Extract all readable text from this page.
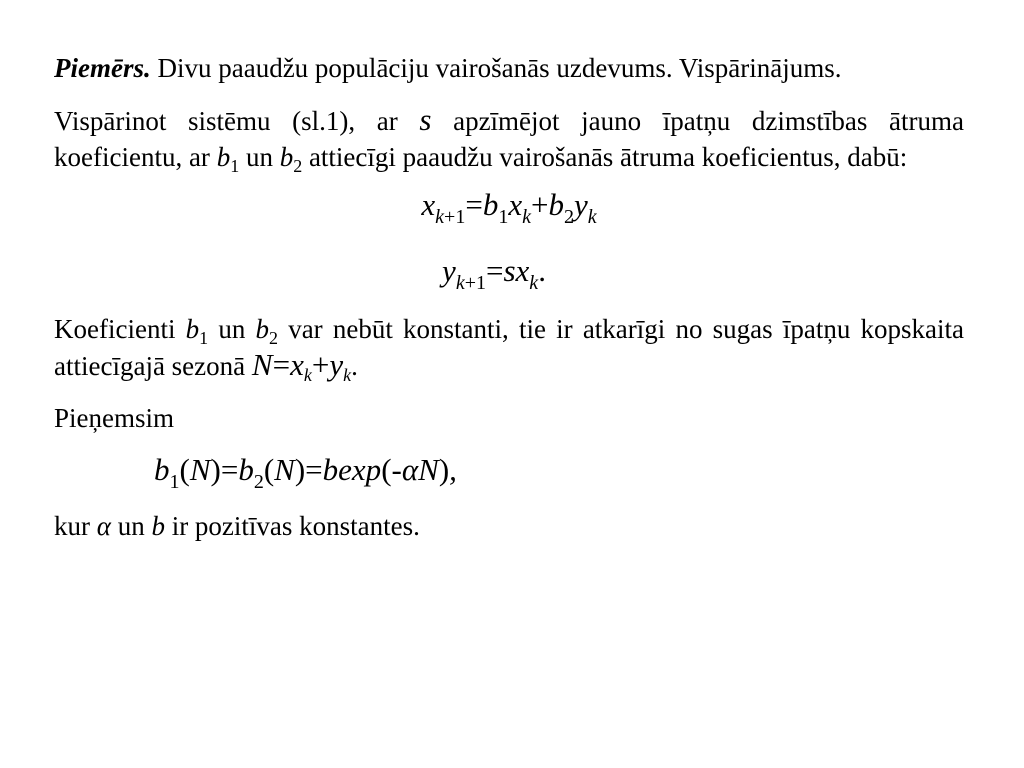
Piemērs. Divu paaudžu populāciju vairošanās uzdevums. Vispārinājums.

Vispārinot sistēmu (sl.1), ar s apzīmējot jauno īpatņu dzimstības ātruma koeficientu, ar $b_1$ un $b_2$ attiecīgi paaudžu vairošanās ātruma koeficientus, dabū:

$x_{k+1}=b_1x_k+b_2y_k$
$y_{k+1}=sx_k$.

Koeficienti $b_1$ un $b_2$ var nebūt konstanti, tie ir atkarīgi no sugas īpatņu kopskaita attiecīgajā sezonā $N=x_k+y_k$.

Pieņemsim

$b_1(N)=b_2(N)=bexp(-\alpha N)$,

kur α un b ir pozitīvas konstantes.
